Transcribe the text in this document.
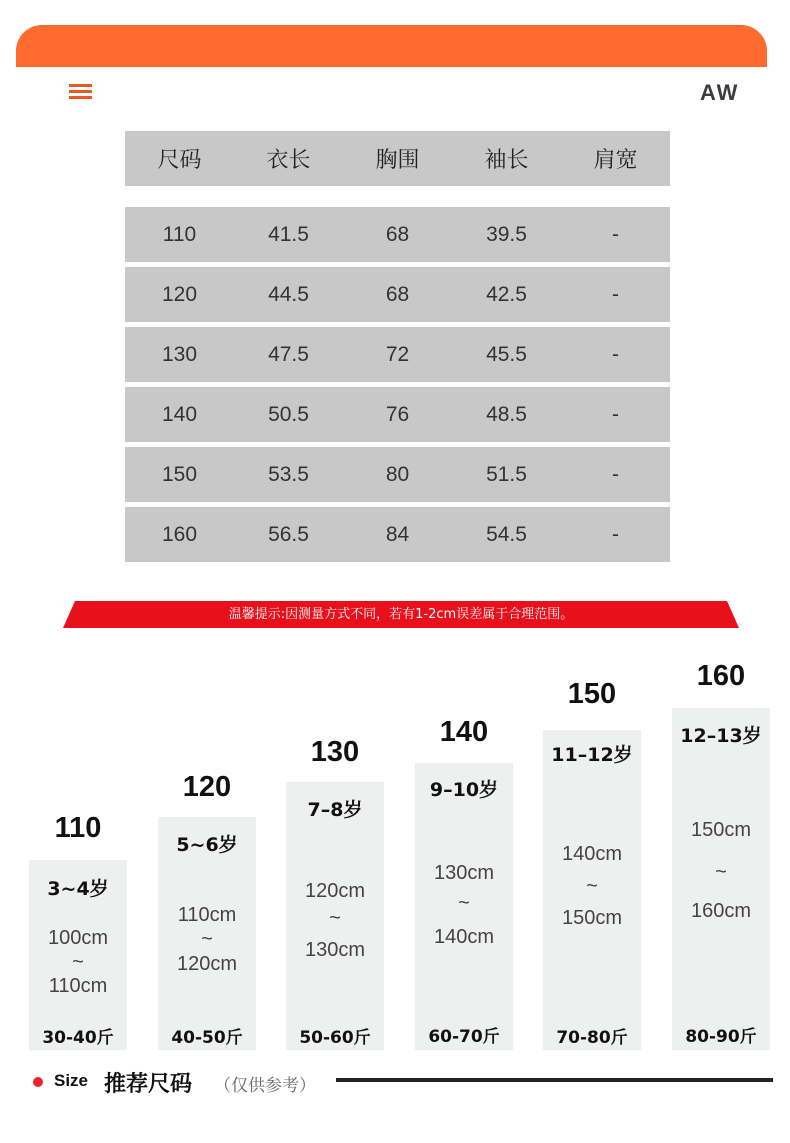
AW
尺码	衣长	胸围	袖长	肩宽
110	41.5	68	39.5	-
120	44.5	68	42.5	-
130	47.5	72	45.5	-
140	50.5	76	48.5	-
150	53.5	80	51.5	-
160	56.5	84	54.5	-
温馨提示:因测量方式不同，若有1-2cm误差属于合理范围。
110
3~4岁
100cm
~
110cm
30-40斤
120
5~6岁
110cm
~
120cm
40-50斤
130
7–8岁
120cm
~
130cm
50-60斤
140
9–10岁
130cm
~
140cm
60-70斤
150
11–12岁
140cm
~
150cm
70-80斤
160
12–13岁
150cm
~
160cm
80-90斤
Size 推荐尺码 （仅供参考）
